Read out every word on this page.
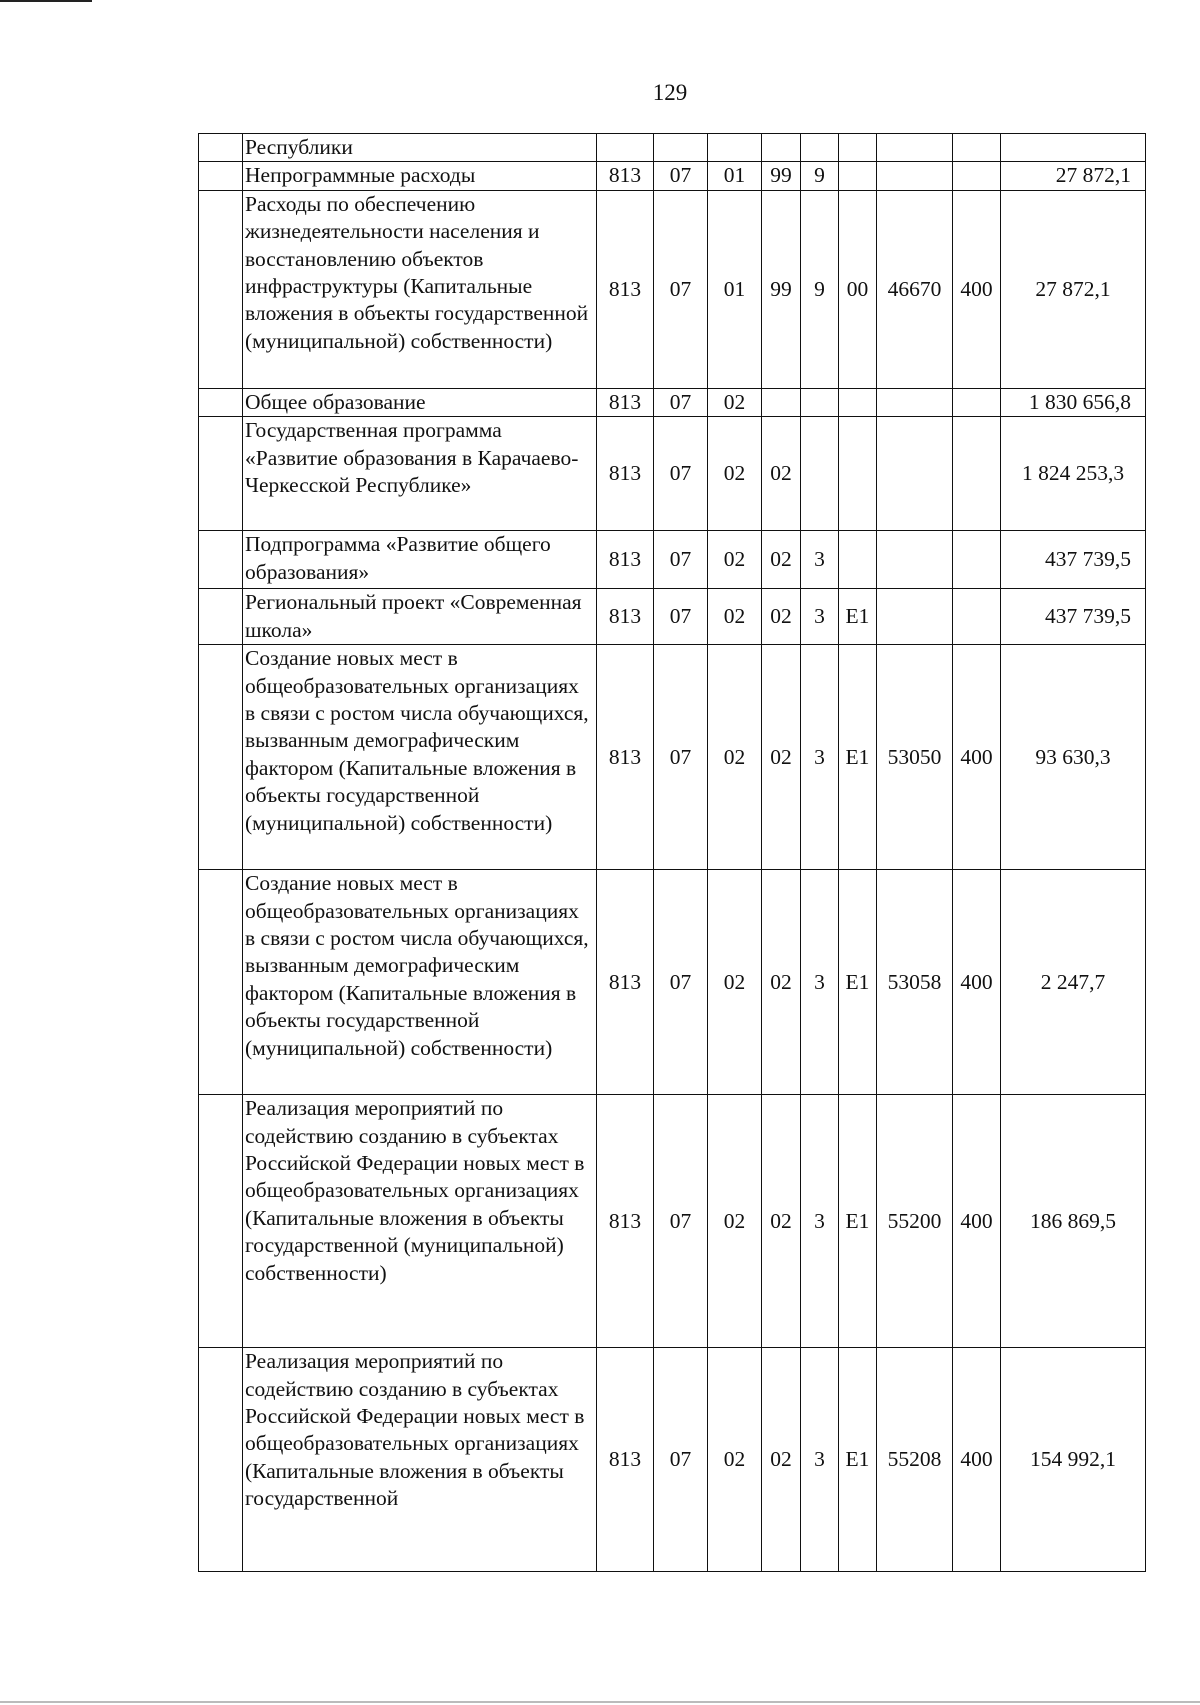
129
	Республики									
	Непрограммные расходы	813	07	01	99	9				27 872,1
	Расходы по обеспечению жизнедеятельности населения и восстановлению объектов инфраструктуры (Капитальные вложения в объекты государственной (муниципальной) собственности)	813	07	01	99	9	00	46670	400	27 872,1
	Общее образование	813	07	02						1 830 656,8
	Государственная программа «Развитие образования в Карачаево-Черкесской Республике»	813	07	02	02					1 824 253,3
	Подпрограмма «Развитие общего образования»	813	07	02	02	3				437 739,5
	Региональный проект «Современная школа»	813	07	02	02	3	E1			437 739,5
	Создание новых мест в общеобразовательных организациях в связи с ростом числа обучающихся, вызванным демографическим фактором (Капитальные вложения в объекты государственной (муниципальной) собственности)	813	07	02	02	3	E1	53050	400	93 630,3
	Создание новых мест в общеобразовательных организациях в связи с ростом числа обучающихся, вызванным демографическим фактором (Капитальные вложения в объекты государственной (муниципальной) собственности)	813	07	02	02	3	E1	53058	400	2 247,7
	Реализация мероприятий по содействию созданию в субъектах Российской Федерации новых мест в общеобразовательных организациях (Капитальные вложения в объекты государственной (муниципальной) собственности)	813	07	02	02	3	E1	55200	400	186 869,5
	Реализация мероприятий по содействию созданию в субъектах Российской Федерации новых мест в общеобразовательных организациях (Капитальные вложения в объекты государственной	813	07	02	02	3	E1	55208	400	154 992,1
